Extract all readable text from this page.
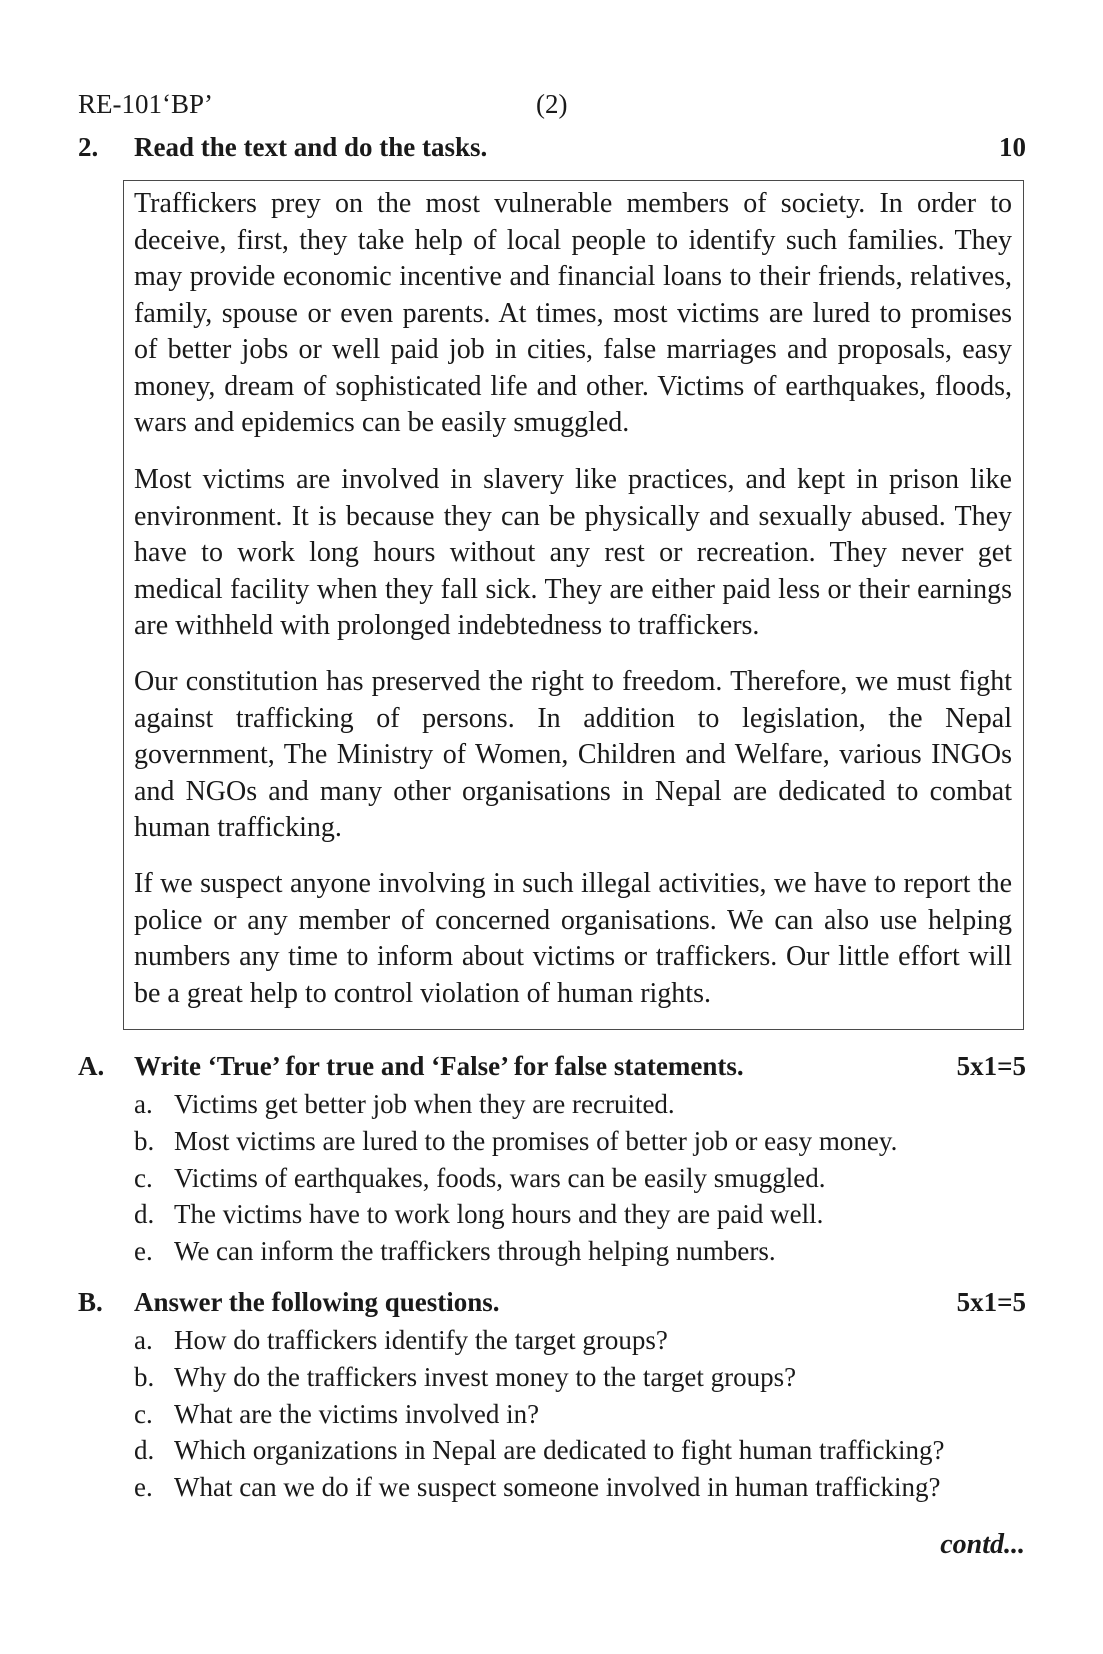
RE-101‘BP’	(2)
2. Read the text and do the tasks.	10

Traffickers prey on the most vulnerable members of society. In order to deceive, first, they take help of local people to identify such families. They may provide economic incentive and financial loans to their friends, relatives, family, spouse or even parents. At times, most victims are lured to promises of better jobs or well paid job in cities, false marriages and proposals, easy money, dream of sophisticated life and other. Victims of earthquakes, floods, wars and epidemics can be easily smuggled.

Most victims are involved in slavery like practices, and kept in prison like environment. It is because they can be physically and sexually abused. They have to work long hours without any rest or recreation. They never get medical facility when they fall sick. They are either paid less or their earnings are withheld with prolonged indebtedness to traffickers.

Our constitution has preserved the right to freedom. Therefore, we must fight against trafficking of persons. In addition to legislation, the Nepal government, The Ministry of Women, Children and Welfare, various INGOs and NGOs and many other organisations in Nepal are dedicated to combat human trafficking.

If we suspect anyone involving in such illegal activities, we have to report the police or any member of concerned organisations. We can also use helping numbers any time to inform about victims or traffickers. Our little effort will be a great help to control violation of human rights.

A. Write ‘True’ for true and ‘False’ for false statements.	5x1=5
a. Victims get better job when they are recruited.
b. Most victims are lured to the promises of better job or easy money.
c. Victims of earthquakes, foods, wars can be easily smuggled.
d. The victims have to work long hours and they are paid well.
e. We can inform the traffickers through helping numbers.
B. Answer the following questions.	5x1=5
a. How do traffickers identify the target groups?
b. Why do the traffickers invest money to the target groups?
c. What are the victims involved in?
d. Which organizations in Nepal are dedicated to fight human trafficking?
e. What can we do if we suspect someone involved in human trafficking?
contd...
